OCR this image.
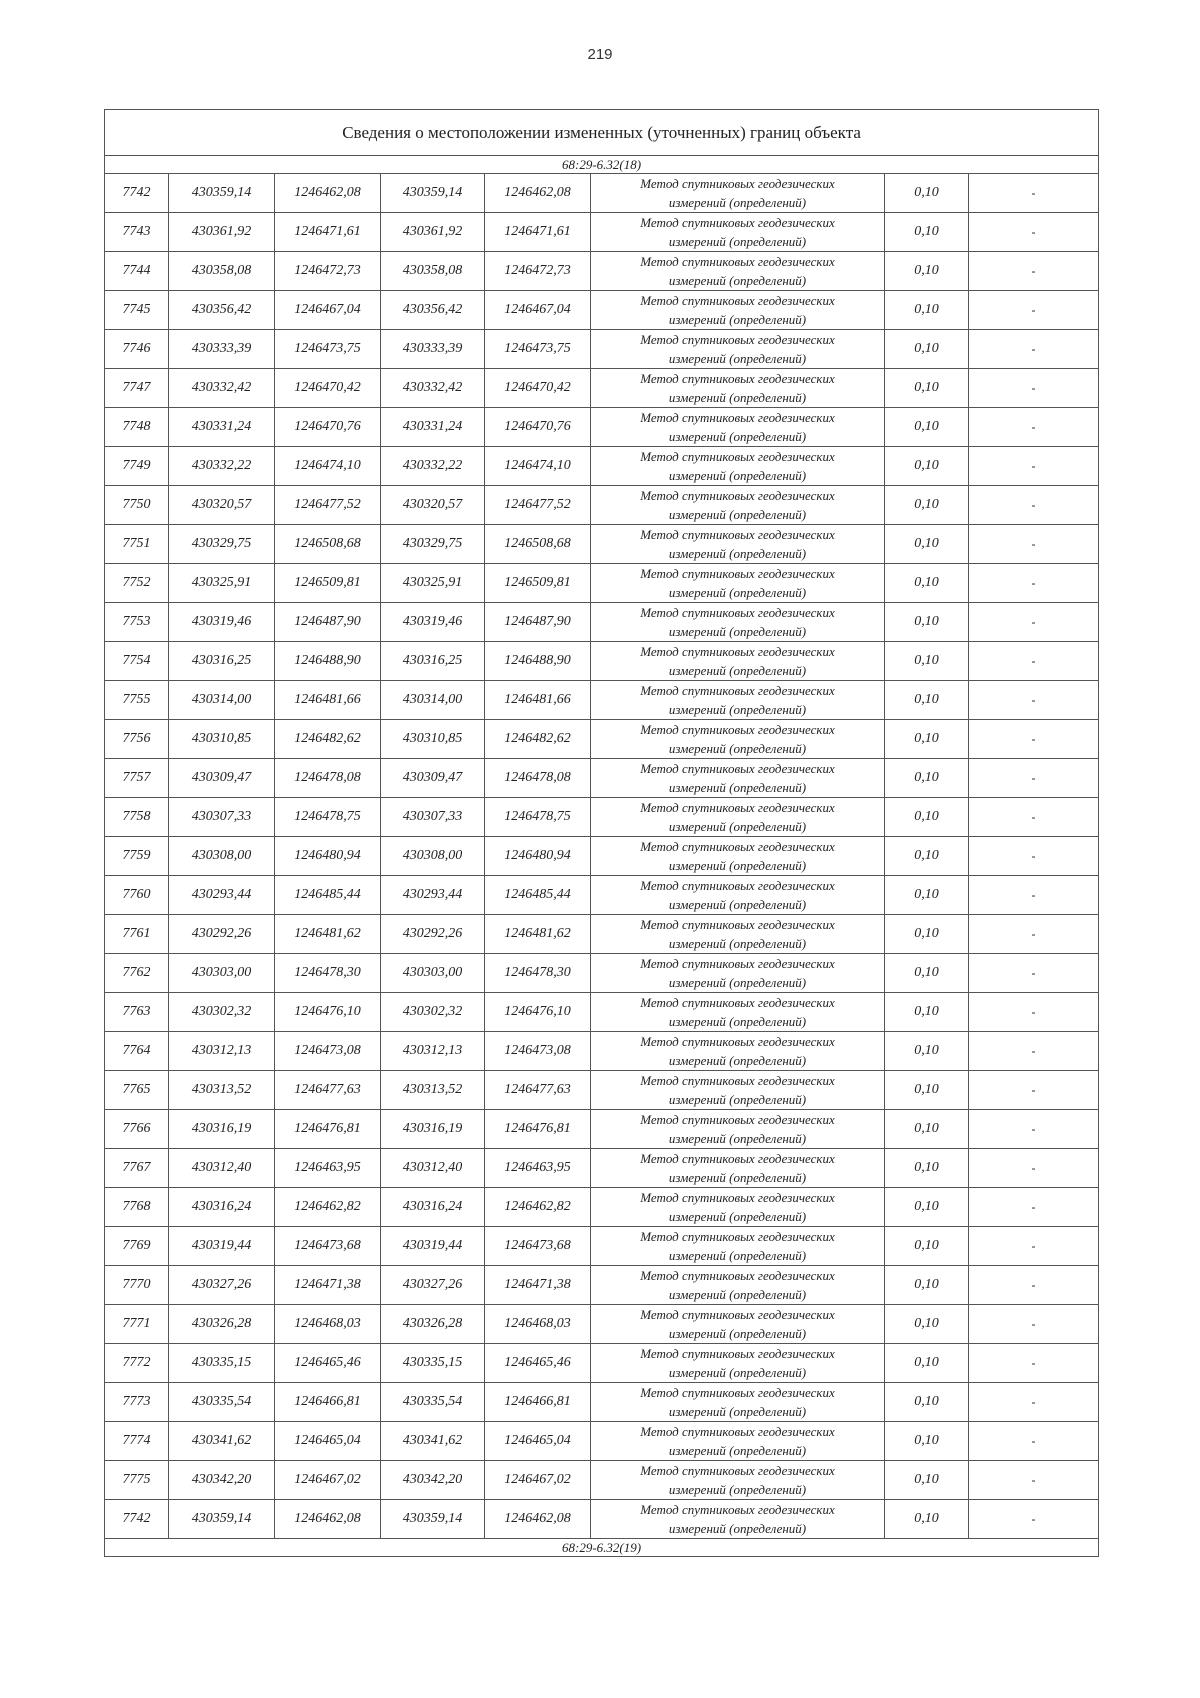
219
Сведения о местоположении измененных (уточненных) границ объекта							
68:29-6.32(18)							
7742	430359,14	1246462,08	430359,14	1246462,08	Метод спутниковых геодезических
измерений (определений)	0,10	-
7743	430361,92	1246471,61	430361,92	1246471,61	Метод спутниковых геодезических
измерений (определений)	0,10	-
7744	430358,08	1246472,73	430358,08	1246472,73	Метод спутниковых геодезических
измерений (определений)	0,10	-
7745	430356,42	1246467,04	430356,42	1246467,04	Метод спутниковых геодезических
измерений (определений)	0,10	-
7746	430333,39	1246473,75	430333,39	1246473,75	Метод спутниковых геодезических
измерений (определений)	0,10	-
7747	430332,42	1246470,42	430332,42	1246470,42	Метод спутниковых геодезических
измерений (определений)	0,10	-
7748	430331,24	1246470,76	430331,24	1246470,76	Метод спутниковых геодезических
измерений (определений)	0,10	-
7749	430332,22	1246474,10	430332,22	1246474,10	Метод спутниковых геодезических
измерений (определений)	0,10	-
7750	430320,57	1246477,52	430320,57	1246477,52	Метод спутниковых геодезических
измерений (определений)	0,10	-
7751	430329,75	1246508,68	430329,75	1246508,68	Метод спутниковых геодезических
измерений (определений)	0,10	-
7752	430325,91	1246509,81	430325,91	1246509,81	Метод спутниковых геодезических
измерений (определений)	0,10	-
7753	430319,46	1246487,90	430319,46	1246487,90	Метод спутниковых геодезических
измерений (определений)	0,10	-
7754	430316,25	1246488,90	430316,25	1246488,90	Метод спутниковых геодезических
измерений (определений)	0,10	-
7755	430314,00	1246481,66	430314,00	1246481,66	Метод спутниковых геодезических
измерений (определений)	0,10	-
7756	430310,85	1246482,62	430310,85	1246482,62	Метод спутниковых геодезических
измерений (определений)	0,10	-
7757	430309,47	1246478,08	430309,47	1246478,08	Метод спутниковых геодезических
измерений (определений)	0,10	-
7758	430307,33	1246478,75	430307,33	1246478,75	Метод спутниковых геодезических
измерений (определений)	0,10	-
7759	430308,00	1246480,94	430308,00	1246480,94	Метод спутниковых геодезических
измерений (определений)	0,10	-
7760	430293,44	1246485,44	430293,44	1246485,44	Метод спутниковых геодезических
измерений (определений)	0,10	-
7761	430292,26	1246481,62	430292,26	1246481,62	Метод спутниковых геодезических
измерений (определений)	0,10	-
7762	430303,00	1246478,30	430303,00	1246478,30	Метод спутниковых геодезических
измерений (определений)	0,10	-
7763	430302,32	1246476,10	430302,32	1246476,10	Метод спутниковых геодезических
измерений (определений)	0,10	-
7764	430312,13	1246473,08	430312,13	1246473,08	Метод спутниковых геодезических
измерений (определений)	0,10	-
7765	430313,52	1246477,63	430313,52	1246477,63	Метод спутниковых геодезических
измерений (определений)	0,10	-
7766	430316,19	1246476,81	430316,19	1246476,81	Метод спутниковых геодезических
измерений (определений)	0,10	-
7767	430312,40	1246463,95	430312,40	1246463,95	Метод спутниковых геодезических
измерений (определений)	0,10	-
7768	430316,24	1246462,82	430316,24	1246462,82	Метод спутниковых геодезических
измерений (определений)	0,10	-
7769	430319,44	1246473,68	430319,44	1246473,68	Метод спутниковых геодезических
измерений (определений)	0,10	-
7770	430327,26	1246471,38	430327,26	1246471,38	Метод спутниковых геодезических
измерений (определений)	0,10	-
7771	430326,28	1246468,03	430326,28	1246468,03	Метод спутниковых геодезических
измерений (определений)	0,10	-
7772	430335,15	1246465,46	430335,15	1246465,46	Метод спутниковых геодезических
измерений (определений)	0,10	-
7773	430335,54	1246466,81	430335,54	1246466,81	Метод спутниковых геодезических
измерений (определений)	0,10	-
7774	430341,62	1246465,04	430341,62	1246465,04	Метод спутниковых геодезических
измерений (определений)	0,10	-
7775	430342,20	1246467,02	430342,20	1246467,02	Метод спутниковых геодезических
измерений (определений)	0,10	-
7742	430359,14	1246462,08	430359,14	1246462,08	Метод спутниковых геодезических
измерений (определений)	0,10	-
68:29-6.32(19)							
